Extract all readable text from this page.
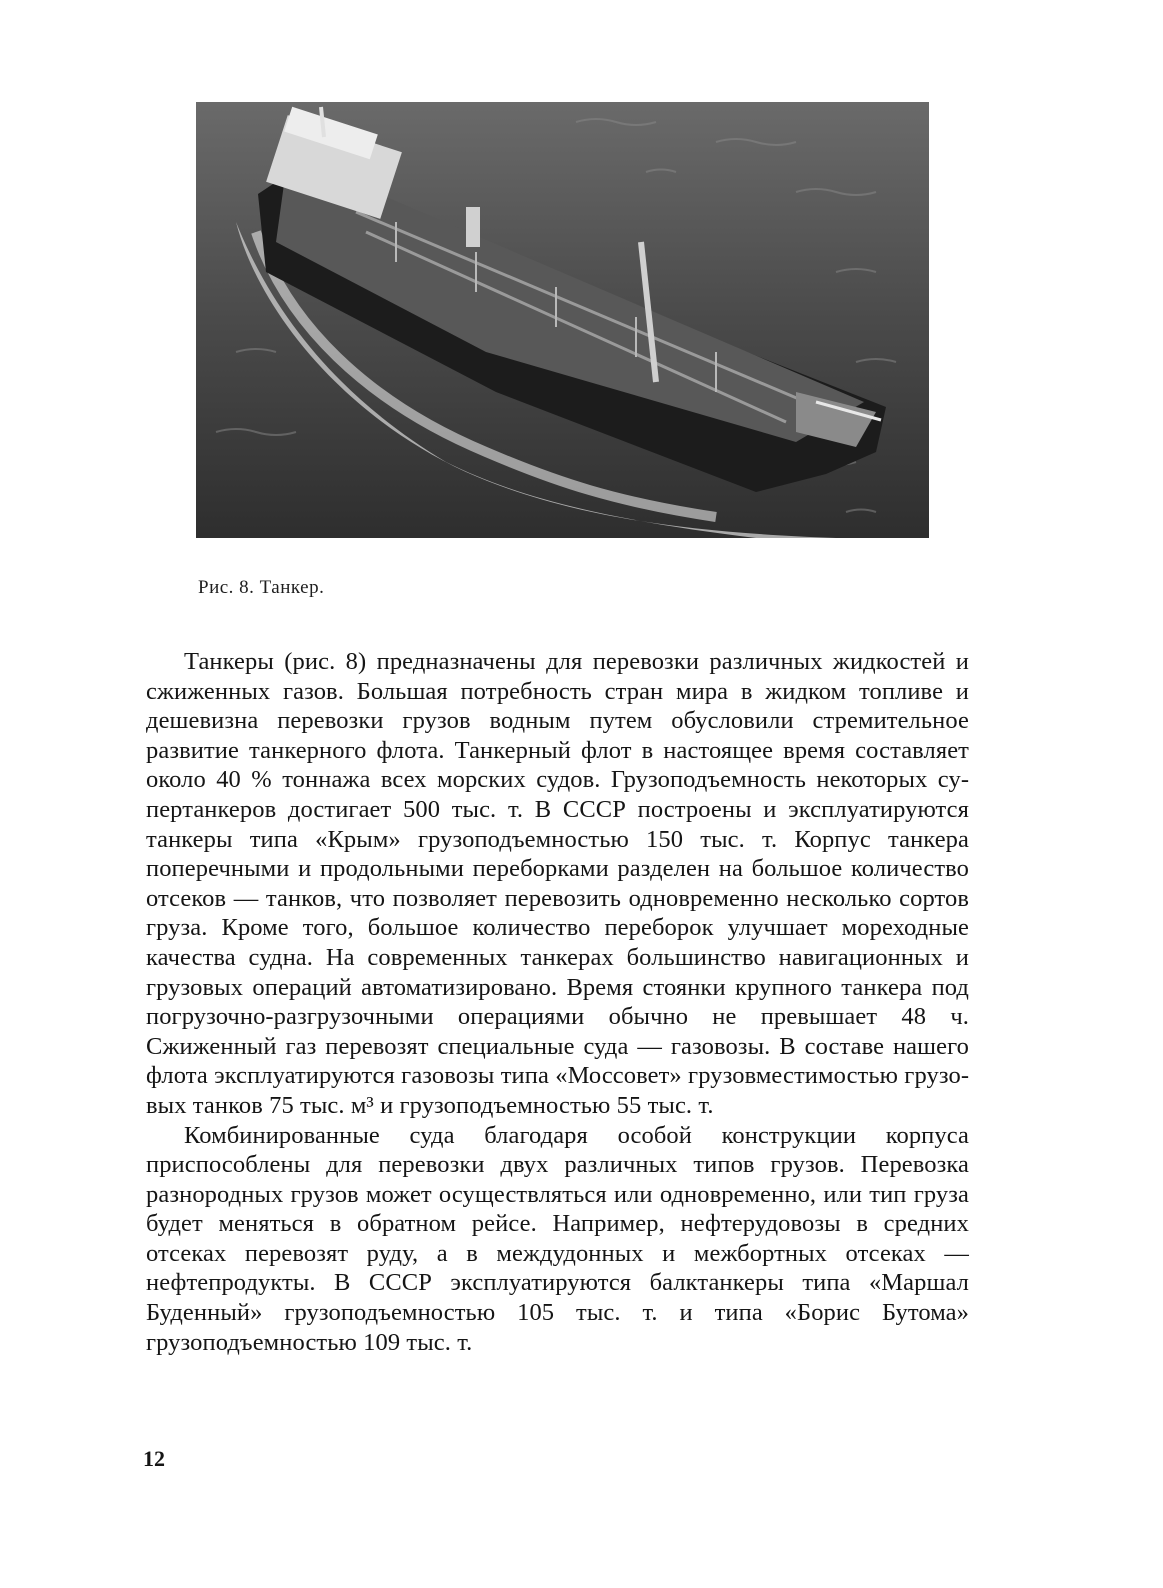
Рис. 8. Танкер.

Танкеры (рис. 8) предназначены для перевозки различных жидкостей и сжиженных газов. Большая потребность стран мира в жидком топливе и дешевизна перевозки грузов водным путем обусловили стремительное развитие танкерного флота. Танкерный флот в настоящее время составляет около 40 % тоннажа всех морских судов. Грузоподъемность некоторых супертанкеров достигает 500 тыс. т. В СССР построены и эксплуатируются танкеры типа «Крым» грузоподъемностью 150 тыс. т. Корпус танкера поперечными и продольными переборками разделен на большое количество отсеков — танков, что позволяет перевозить одновременно несколько сортов груза. Кроме того, большое количество переборок улучшает мореходные качества судна. На современных танкерах большинство навигационных и грузовых операций автоматизировано. Время стоянки крупного танкера под погрузочно-разгрузочными операциями обычно не превышает 48 ч. Сжиженный газ перевозят специальные суда — газовозы. В составе нашего флота эксплуатируются газовозы типа «Моссовет» грузовместимостью грузовых танков 75 тыс. м³ и грузоподъемностью 55 тыс. т.

Комбинированные суда благодаря особой конструкции корпуса приспособлены для перевозки двух различных типов грузов. Перевозка разнородных грузов может осуществляться или одновременно, или тип груза будет меняться в обратном рейсе. Например, нефтерудовозы в средних отсеках перевозят руду, а в междудонных и межбортных отсеках — нефтепродукты. В СССР эксплуатируются балктанкеры типа «Маршал Буденный» грузоподъемностью 105 тыс. т. и типа «Борис Бутома» грузоподъемностью 109 тыс. т.

12
